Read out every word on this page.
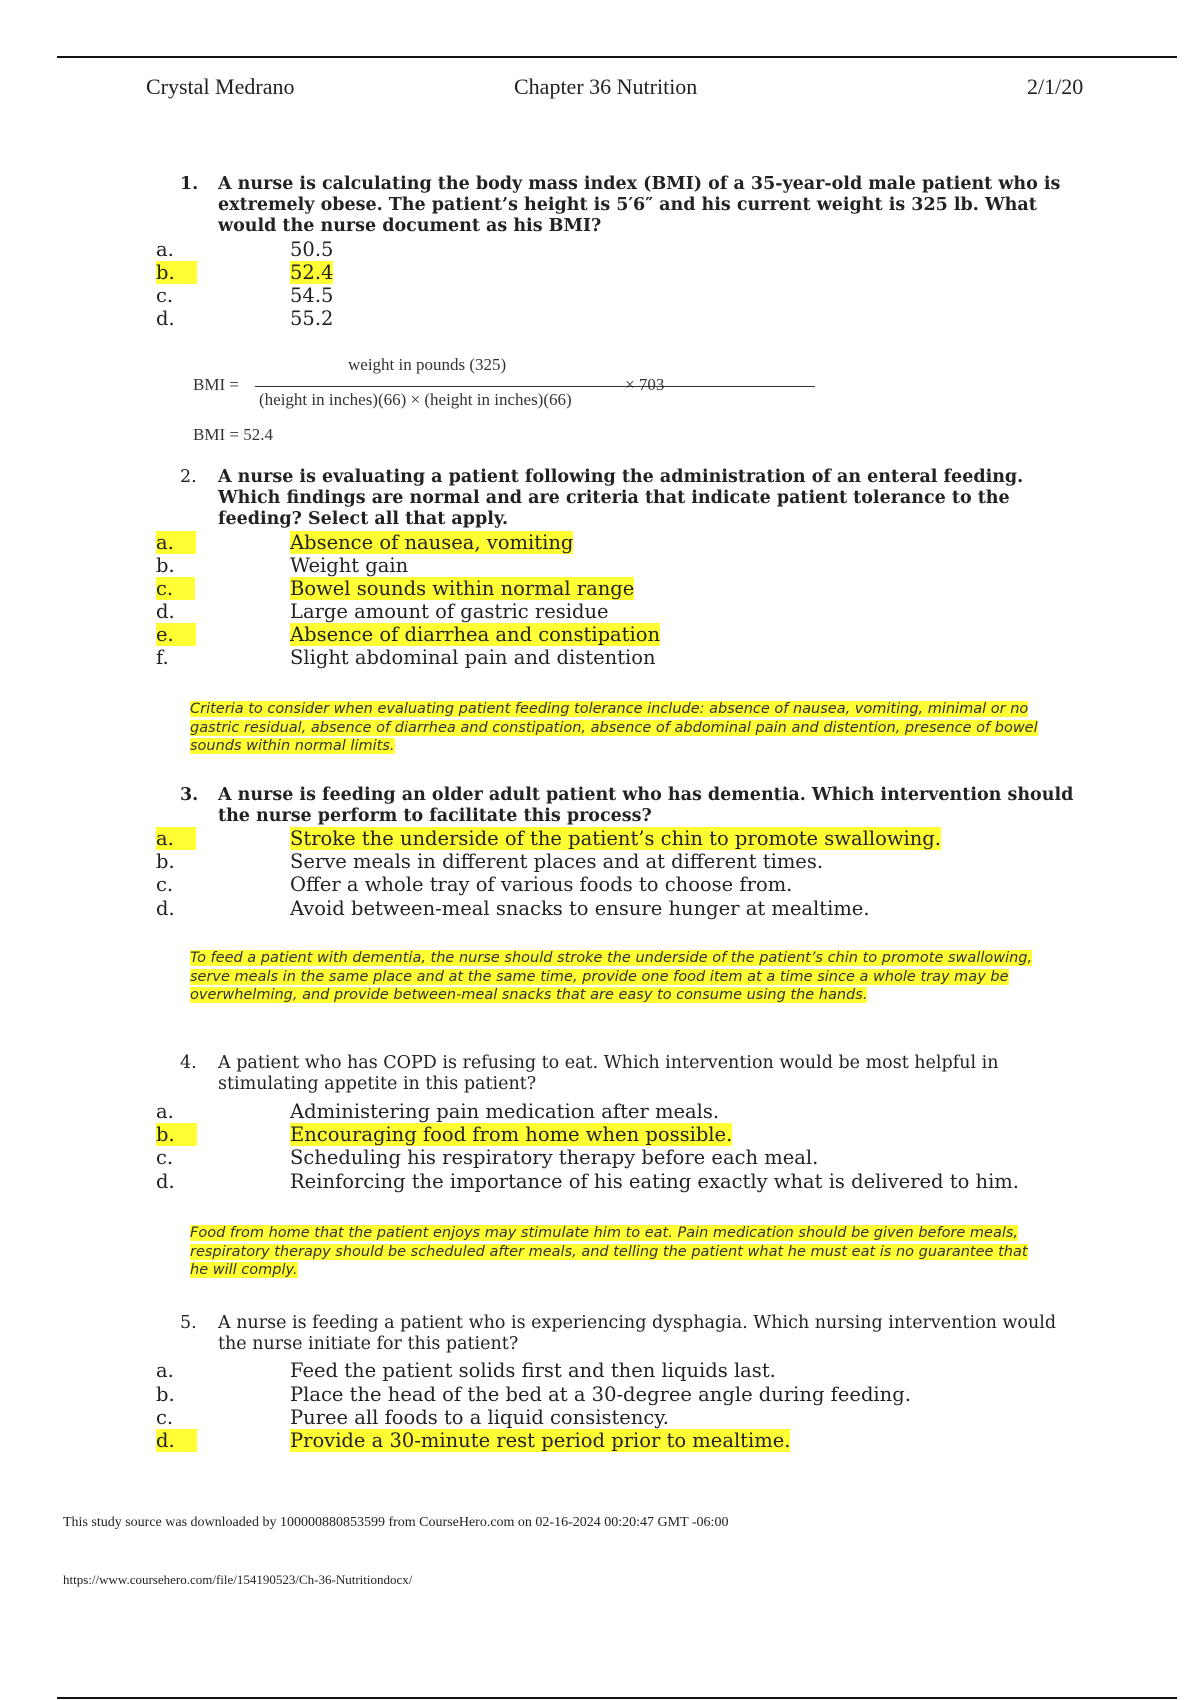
Crystal Medrano	Chapter 36 Nutrition	2/1/20
1. A nurse is calculating the body mass index (BMI) of a 35-year-old male patient who is extremely obese. The patient’s height is 5′6″ and his current weight is 325 lb. What would the nurse document as his BMI?
a.	50.5
b.	52.4
c.	54.5
d.	55.2
BMI =
weight in pounds (325)
(height in inches)(66) × (height in inches)(66)
× 703
BMI = 52.4
2. A nurse is evaluating a patient following the administration of an enteral feeding. Which findings are normal and are criteria that indicate patient tolerance to the feeding? Select all that apply.
a.	Absence of nausea, vomiting
b.	Weight gain
c.	Bowel sounds within normal range
d.	Large amount of gastric residue
e.	Absence of diarrhea and constipation
f.	Slight abdominal pain and distention
Criteria to consider when evaluating patient feeding tolerance include: absence of nausea, vomiting, minimal or no gastric residual, absence of diarrhea and constipation, absence of abdominal pain and distention, presence of bowel sounds within normal limits.
3. A nurse is feeding an older adult patient who has dementia. Which intervention should the nurse perform to facilitate this process?
a.	Stroke the underside of the patient’s chin to promote swallowing.
b.	Serve meals in different places and at different times.
c.	Offer a whole tray of various foods to choose from.
d.	Avoid between-meal snacks to ensure hunger at mealtime.
To feed a patient with dementia, the nurse should stroke the underside of the patient’s chin to promote swallowing, serve meals in the same place and at the same time, provide one food item at a time since a whole tray may be overwhelming, and provide between-meal snacks that are easy to consume using the hands.
4. A patient who has COPD is refusing to eat. Which intervention would be most helpful in stimulating appetite in this patient?
a.	Administering pain medication after meals.
b.	Encouraging food from home when possible.
c.	Scheduling his respiratory therapy before each meal.
d.	Reinforcing the importance of his eating exactly what is delivered to him.
Food from home that the patient enjoys may stimulate him to eat. Pain medication should be given before meals, respiratory therapy should be scheduled after meals, and telling the patient what he must eat is no guarantee that he will comply.
5. A nurse is feeding a patient who is experiencing dysphagia. Which nursing intervention would the nurse initiate for this patient?
a.	Feed the patient solids first and then liquids last.
b.	Place the head of the bed at a 30-degree angle during feeding.
c.	Puree all foods to a liquid consistency.
d.	Provide a 30-minute rest period prior to mealtime.
This study source was downloaded by 100000880853599 from CourseHero.com on 02-16-2024 00:20:47 GMT -06:00
https://www.coursehero.com/file/154190523/Ch-36-Nutritiondocx/
